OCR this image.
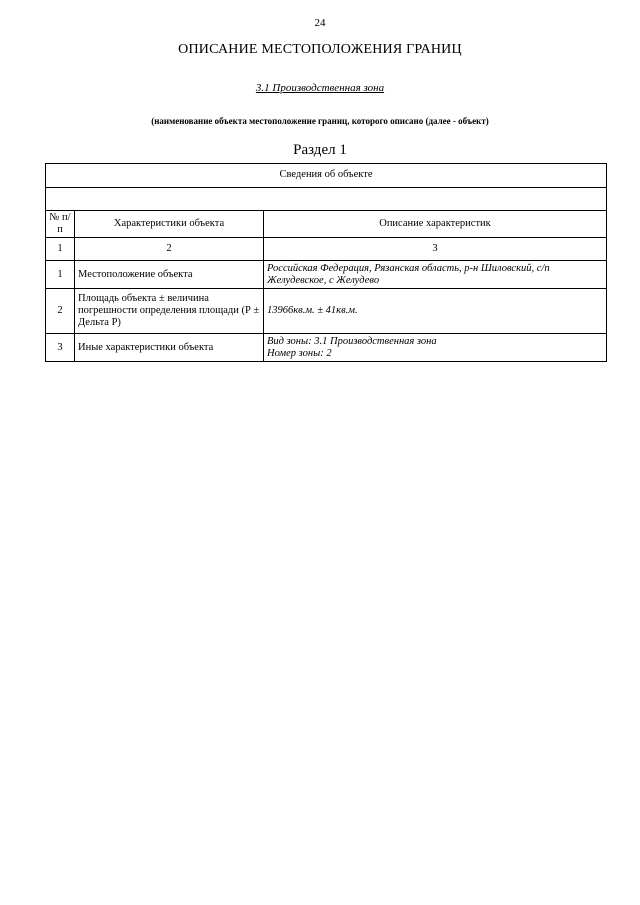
24
ОПИСАНИЕ МЕСТОПОЛОЖЕНИЯ ГРАНИЦ
3.1 Производственная зона
(наименование объекта местоположение границ, которого описано (далее - объект)
Раздел 1
Сведения об объекте		

№ п/п	Характеристики объекта	Описание характеристик
1	2	3
1	Местоположение объекта	Российская Федерация, Рязанская область, р-н Шиловский, с/п Желудевское, с Желудево
2	Площадь объекта ± величина погрешности определения площади (Р ± Дельта Р)	13966кв.м. ± 41кв.м.
3	Иные характеристики объекта	Вид зоны: 3.1 Производственная зона
Номер зоны: 2
